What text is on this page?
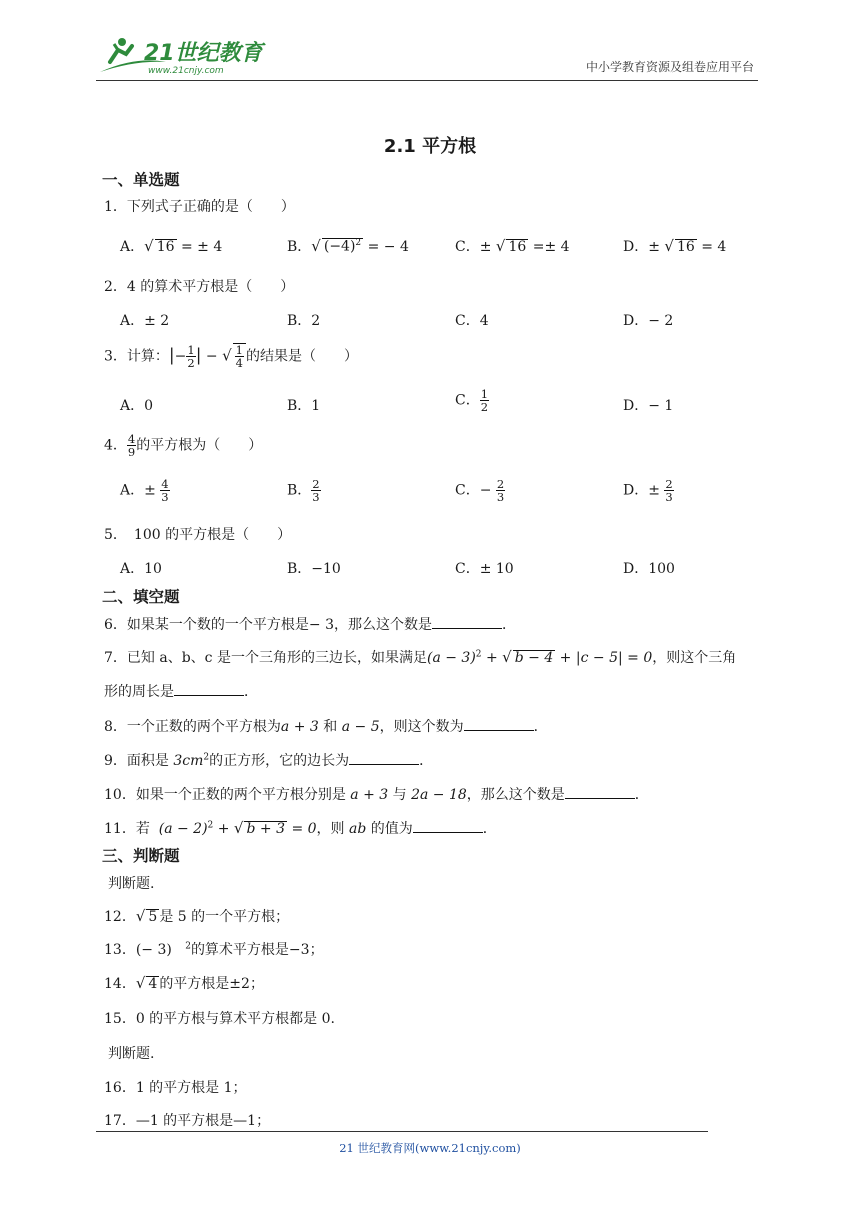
21世纪教育
www.21cnjy.com	中小学教育资源及组卷应用平台
2.1 平方根
一、单选题
1．下列式子正确的是（　　）
A．√ 16 = ± 4	B．√ $(-4)^2$ = − 4	C．± √ 16 =± 4	D．± √ 16 = 4
2．4 的算术平方根是（　　）
A．± 2	B．2	C．4	D．− 2
3．计算：|− $\frac{1}{2}$ | − √ $\frac{1}{4}$ 的结果是（　　）
A．0	B．1	C． $\frac{1}{2}$	D．− 1
4． $\frac{4}{9}$ 的平方根为（　　）
A．± $\frac{4}{3}$	B． $\frac{2}{3}$	C．− $\frac{2}{3}$	D．± $\frac{2}{3}$
5．　100 的平方根是（　　）
A．10	B．−10	C．± 10	D．100
二、填空题
6．如果某一个数的一个平方根是− 3，那么这个数是	．
7．已知 a、b、c 是一个三角形的三边长，如果满足$(a - 3)^2$ + √ b − 4 + |c − 5| = 0，则这个三角
形的周长是	．
8．一个正数的两个平方根为a + 3 和 a − 5，则这个数为	．
9．面积是 $3cm^2$的正方形，它的边长为	．
10．如果一个正数的两个平方根分别是 a + 3 与 2a − 18，那么这个数是	．
11．若 $(a - 2)^2$ + √ b + 3 = 0，则 ab 的值为	．
三、判断题
判断题.
12．√ 5 是 5 的一个平方根；
13．(− 3)   $^2$的算术平方根是−3；
14．√ 4 的平方根是±2；
15．0 的平方根与算术平方根都是 0.
判断题.
16．1 的平方根是 1；
17．—1 的平方根是—1；
21 世纪教育网(www.21cnjy.com)
